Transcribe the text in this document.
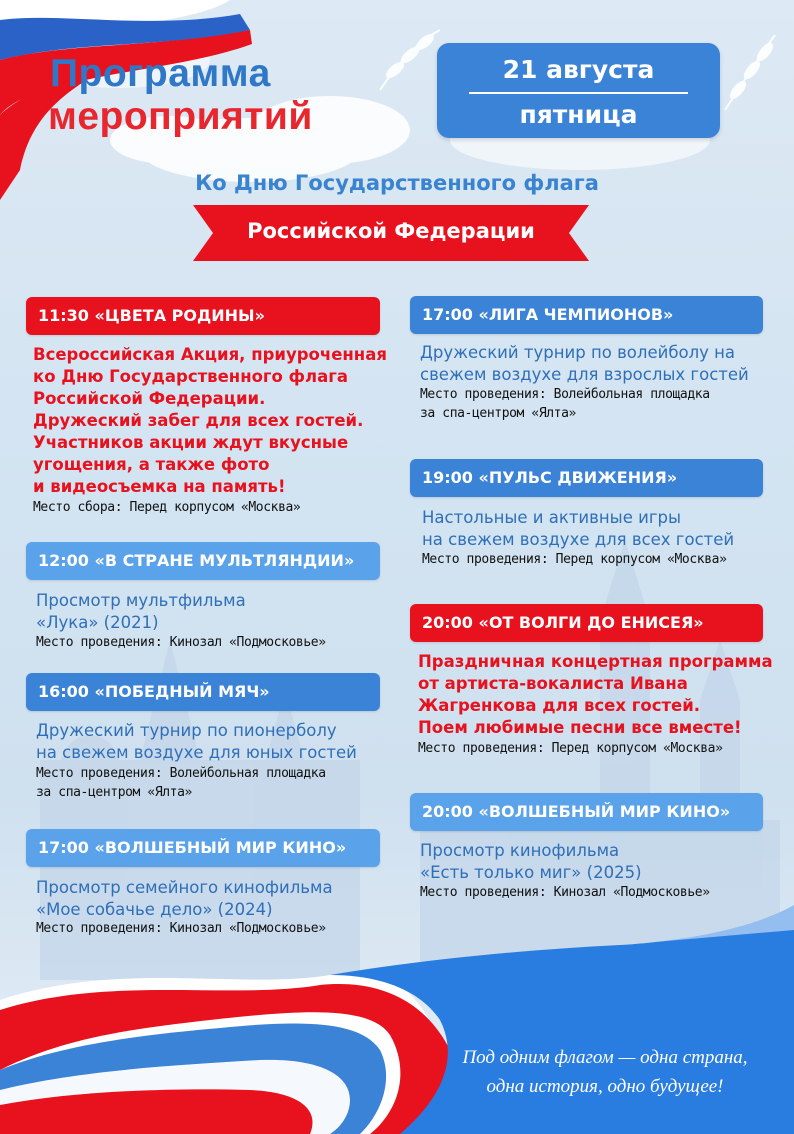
Программа
мероприятий
21 августа
пятница
Ко Дню Государственного флага
Российской Федерации
11:30 «ЦВЕТА РОДИНЫ»
Всероссийская Акция, приуроченная
ко Дню Государственного флага
Российской Федерации.
Дружеский забег для всех гостей.
Участников акции ждут вкусные
угощения, а также фото
и видеосъемка на память!
Место сбора: Перед корпусом «Москва»
12:00 «В СТРАНЕ МУЛЬТЛЯНДИИ»
Просмотр мультфильма
«Лука» (2021)
Место проведения: Кинозал «Подмосковье»
16:00 «ПОБЕДНЫЙ МЯЧ»
Дружеский турнир по пионерболу
на свежем воздухе для юных гостей
Место проведения: Волейбольная площадка
за спа-центром «Ялта»
17:00 «ВОЛШЕБНЫЙ МИР КИНО»
Просмотр семейного кинофильма
«Мое собачье дело» (2024)
Место проведения: Кинозал «Подмосковье»
17:00 «ЛИГА ЧЕМПИОНОВ»
Дружеский турнир по волейболу на
свежем воздухе для взрослых гостей
Место проведения: Волейбольная площадка
за спа-центром «Ялта»
19:00 «ПУЛЬС ДВИЖЕНИЯ»
Настольные и активные игры
на свежем воздухе для всех гостей
Место проведения: Перед корпусом «Москва»
20:00 «ОТ ВОЛГИ ДО ЕНИСЕЯ»
Праздничная концертная программа
от артиста-вокалиста Ивана
Жагренкова для всех гостей.
Поем любимые песни все вместе!
Место проведения: Перед корпусом «Москва»
20:00 «ВОЛШЕБНЫЙ МИР КИНО»
Просмотр кинофильма
«Есть только миг» (2025)
Место проведения: Кинозал «Подмосковье»
Под одним флагом — одна страна,
одна история, одно будущее!
